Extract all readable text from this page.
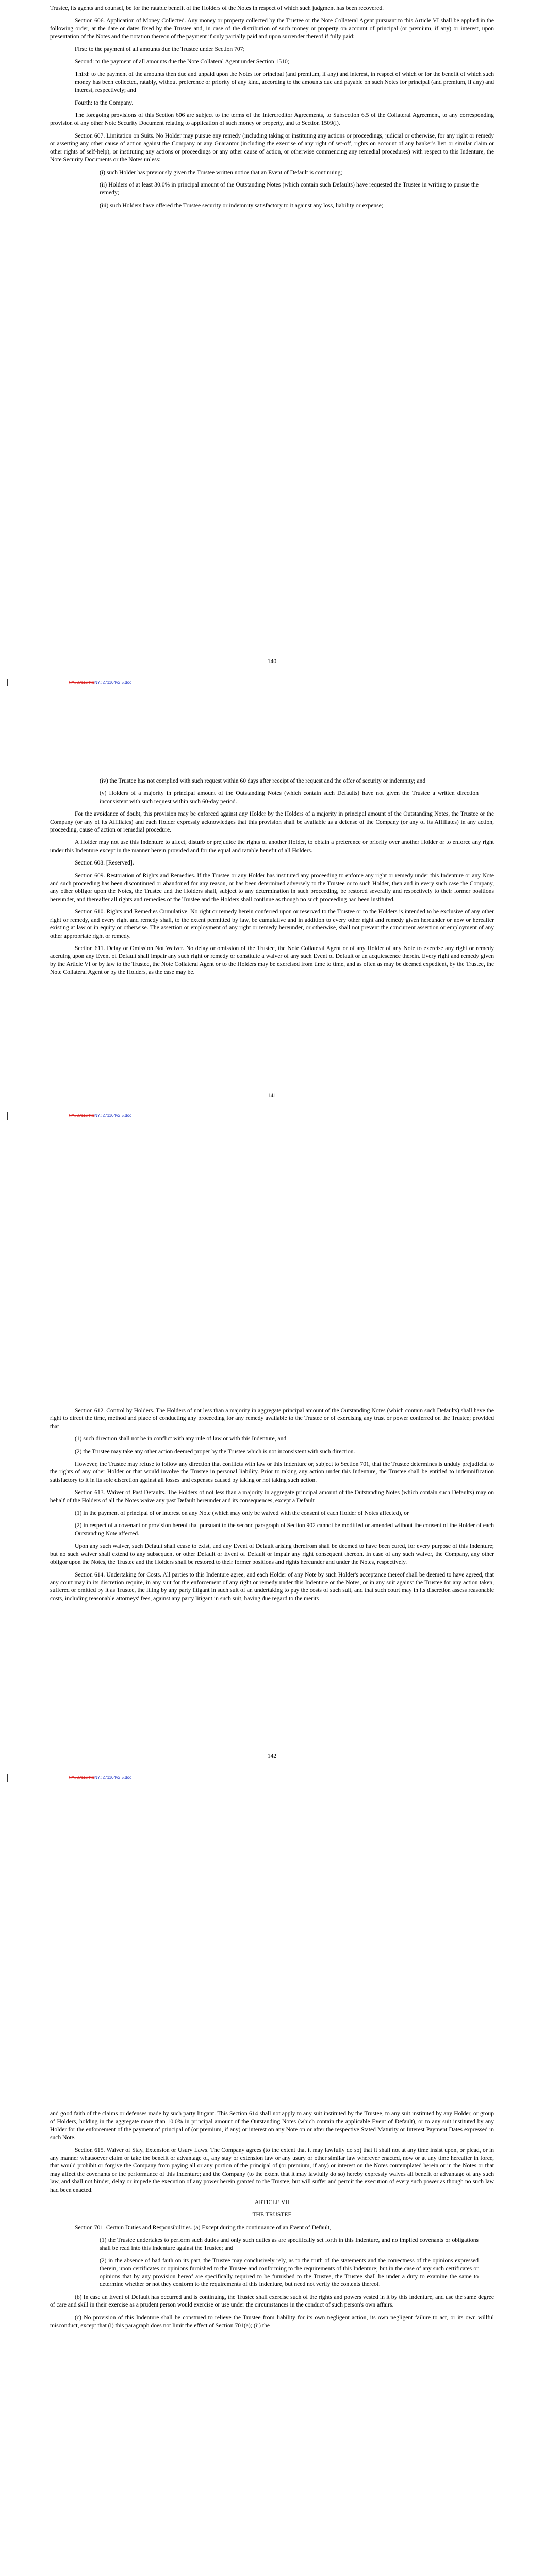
Trustee, its agents and counsel, be for the ratable benefit of the Holders of the Notes in respect of which such judgment has been recovered.

Section 606. Application of Money Collected. Any money or property collected by the Trustee or the Note Collateral Agent pursuant to this Article VI shall be applied in the following order, at the date or dates fixed by the Trustee and, in case of the distribution of such money or property on account of principal (or premium, if any) or interest, upon presentation of the Notes and the notation thereon of the payment if only partially paid and upon surrender thereof if fully paid:

First: to the payment of all amounts due the Trustee under Section 707;

Second: to the payment of all amounts due the Note Collateral Agent under Section 1510;

Third: to the payment of the amounts then due and unpaid upon the Notes for principal (and premium, if any) and interest, in respect of which or for the benefit of which such money has been collected, ratably, without preference or priority of any kind, according to the amounts due and payable on such Notes for principal (and premium, if any) and interest, respectively; and

Fourth: to the Company.

The foregoing provisions of this Section 606 are subject to the terms of the Intercreditor Agreements, to Subsection 6.5 of the Collateral Agreement, to any corresponding provision of any other Note Security Document relating to application of such money or property, and to Section 1509(l).

Section 607. Limitation on Suits. No Holder may pursue any remedy (including taking or instituting any actions or proceedings, judicial or otherwise, for any right or remedy or asserting any other cause of action against the Company or any Guarantor (including the exercise of any right of set-off, rights on account of any banker's lien or similar claim or other rights of self-help), or instituting any actions or proceedings or any other cause of action, or otherwise commencing any remedial procedures) with respect to this Indenture, the Note Security Documents or the Notes unless:

(i) such Holder has previously given the Trustee written notice that an Event of Default is continuing;

(ii) Holders of at least 30.0% in principal amount of the Outstanding Notes (which contain such Defaults) have requested the Trustee in writing to pursue the remedy;

(iii) such Holders have offered the Trustee security or indemnity satisfactory to it against any loss, liability or expense;

140
NY#271164v1NY#271164v2 5.doc

(iv) the Trustee has not complied with such request within 60 days after receipt of the request and the offer of security or indemnity; and

(v) Holders of a majority in principal amount of the Outstanding Notes (which contain such Defaults) have not given the Trustee a written direction inconsistent with such request within such 60-day period.

For the avoidance of doubt, this provision may be enforced against any Holder by the Holders of a majority in principal amount of the Outstanding Notes, the Trustee or the Company (or any of its Affiliates) and each Holder expressly acknowledges that this provision shall be available as a defense of the Company (or any of its Affiliates) in any action, proceeding, cause of action or remedial procedure.

A Holder may not use this Indenture to affect, disturb or prejudice the rights of another Holder, to obtain a preference or priority over another Holder or to enforce any right under this Indenture except in the manner herein provided and for the equal and ratable benefit of all Holders.

Section 608. [Reserved].

Section 609. Restoration of Rights and Remedies. If the Trustee or any Holder has instituted any proceeding to enforce any right or remedy under this Indenture or any Note and such proceeding has been discontinued or abandoned for any reason, or has been determined adversely to the Trustee or to such Holder, then and in every such case the Company, any other obligor upon the Notes, the Trustee and the Holders shall, subject to any determination in such proceeding, be restored severally and respectively to their former positions hereunder, and thereafter all rights and remedies of the Trustee and the Holders shall continue as though no such proceeding had been instituted.

Section 610. Rights and Remedies Cumulative. No right or remedy herein conferred upon or reserved to the Trustee or to the Holders is intended to be exclusive of any other right or remedy, and every right and remedy shall, to the extent permitted by law, be cumulative and in addition to every other right and remedy given hereunder or now or hereafter existing at law or in equity or otherwise. The assertion or employment of any right or remedy hereunder, or otherwise, shall not prevent the concurrent assertion or employment of any other appropriate right or remedy.

Section 611. Delay or Omission Not Waiver. No delay or omission of the Trustee, the Note Collateral Agent or of any Holder of any Note to exercise any right or remedy accruing upon any Event of Default shall impair any such right or remedy or constitute a waiver of any such Event of Default or an acquiescence therein. Every right and remedy given by the Article VI or by law to the Trustee, the Note Collateral Agent or to the Holders may be exercised from time to time, and as often as may be deemed expedient, by the Trustee, the Note Collateral Agent or by the Holders, as the case may be.

141
NY#271164v1NY#271164v2 5.doc

Section 612. Control by Holders. The Holders of not less than a majority in aggregate principal amount of the Outstanding Notes (which contain such Defaults) shall have the right to direct the time, method and place of conducting any proceeding for any remedy available to the Trustee or of exercising any trust or power conferred on the Trustee; provided that

(1) such direction shall not be in conflict with any rule of law or with this Indenture, and

(2) the Trustee may take any other action deemed proper by the Trustee which is not inconsistent with such direction.

However, the Trustee may refuse to follow any direction that conflicts with law or this Indenture or, subject to Section 701, that the Trustee determines is unduly prejudicial to the rights of any other Holder or that would involve the Trustee in personal liability. Prior to taking any action under this Indenture, the Trustee shall be entitled to indemnification satisfactory to it in its sole discretion against all losses and expenses caused by taking or not taking such action.

Section 613. Waiver of Past Defaults. The Holders of not less than a majority in aggregate principal amount of the Outstanding Notes (which contain such Defaults) may on behalf of the Holders of all the Notes waive any past Default hereunder and its consequences, except a Default

(1) in the payment of principal of or interest on any Note (which may only be waived with the consent of each Holder of Notes affected), or

(2) in respect of a covenant or provision hereof that pursuant to the second paragraph of Section 902 cannot be modified or amended without the consent of the Holder of each Outstanding Note affected.

Upon any such waiver, such Default shall cease to exist, and any Event of Default arising therefrom shall be deemed to have been cured, for every purpose of this Indenture; but no such waiver shall extend to any subsequent or other Default or Event of Default or impair any right consequent thereon. In case of any such waiver, the Company, any other obligor upon the Notes, the Trustee and the Holders shall be restored to their former positions and rights hereunder and under the Notes, respectively.

Section 614. Undertaking for Costs. All parties to this Indenture agree, and each Holder of any Note by such Holder's acceptance thereof shall be deemed to have agreed, that any court may in its discretion require, in any suit for the enforcement of any right or remedy under this Indenture or the Notes, or in any suit against the Trustee for any action taken, suffered or omitted by it as Trustee, the filing by any party litigant in such suit of an undertaking to pay the costs of such suit, and that such court may in its discretion assess reasonable costs, including reasonable attorneys' fees, against any party litigant in such suit, having due regard to the merits

142
NY#271164v1NY#271164v2 5.doc

and good faith of the claims or defenses made by such party litigant. This Section 614 shall not apply to any suit instituted by the Trustee, to any suit instituted by any Holder, or group of Holders, holding in the aggregate more than 10.0% in principal amount of the Outstanding Notes (which contain the applicable Event of Default), or to any suit instituted by any Holder for the enforcement of the payment of principal of (or premium, if any) or interest on any Note on or after the respective Stated Maturity or Interest Payment Dates expressed in such Note.

Section 615. Waiver of Stay, Extension or Usury Laws. The Company agrees (to the extent that it may lawfully do so) that it shall not at any time insist upon, or plead, or in any manner whatsoever claim or take the benefit or advantage of, any stay or extension law or any usury or other similar law wherever enacted, now or at any time hereafter in force, that would prohibit or forgive the Company from paying all or any portion of the principal of (or premium, if any) or interest on the Notes contemplated herein or in the Notes or that may affect the covenants or the performance of this Indenture; and the Company (to the extent that it may lawfully do so) hereby expressly waives all benefit or advantage of any such law, and shall not hinder, delay or impede the execution of any power herein granted to the Trustee, but will suffer and permit the execution of every such power as though no such law had been enacted.

ARTICLE VII

THE TRUSTEE

Section 701. Certain Duties and Responsibilities. (a) Except during the continuance of an Event of Default,

(1) the Trustee undertakes to perform such duties and only such duties as are specifically set forth in this Indenture, and no implied covenants or obligations shall be read into this Indenture against the Trustee; and

(2) in the absence of bad faith on its part, the Trustee may conclusively rely, as to the truth of the statements and the correctness of the opinions expressed therein, upon certificates or opinions furnished to the Trustee and conforming to the requirements of this Indenture; but in the case of any such certificates or opinions that by any provision hereof are specifically required to be furnished to the Trustee, the Trustee shall be under a duty to examine the same to determine whether or not they conform to the requirements of this Indenture, but need not verify the contents thereof.

(b) In case an Event of Default has occurred and is continuing, the Trustee shall exercise such of the rights and powers vested in it by this Indenture, and use the same degree of care and skill in their exercise as a prudent person would exercise or use under the circumstances in the conduct of such person's own affairs.

(c) No provision of this Indenture shall be construed to relieve the Trustee from liability for its own negligent action, its own negligent failure to act, or its own willful misconduct, except that (i) this paragraph does not limit the effect of Section 701(a); (ii) the
